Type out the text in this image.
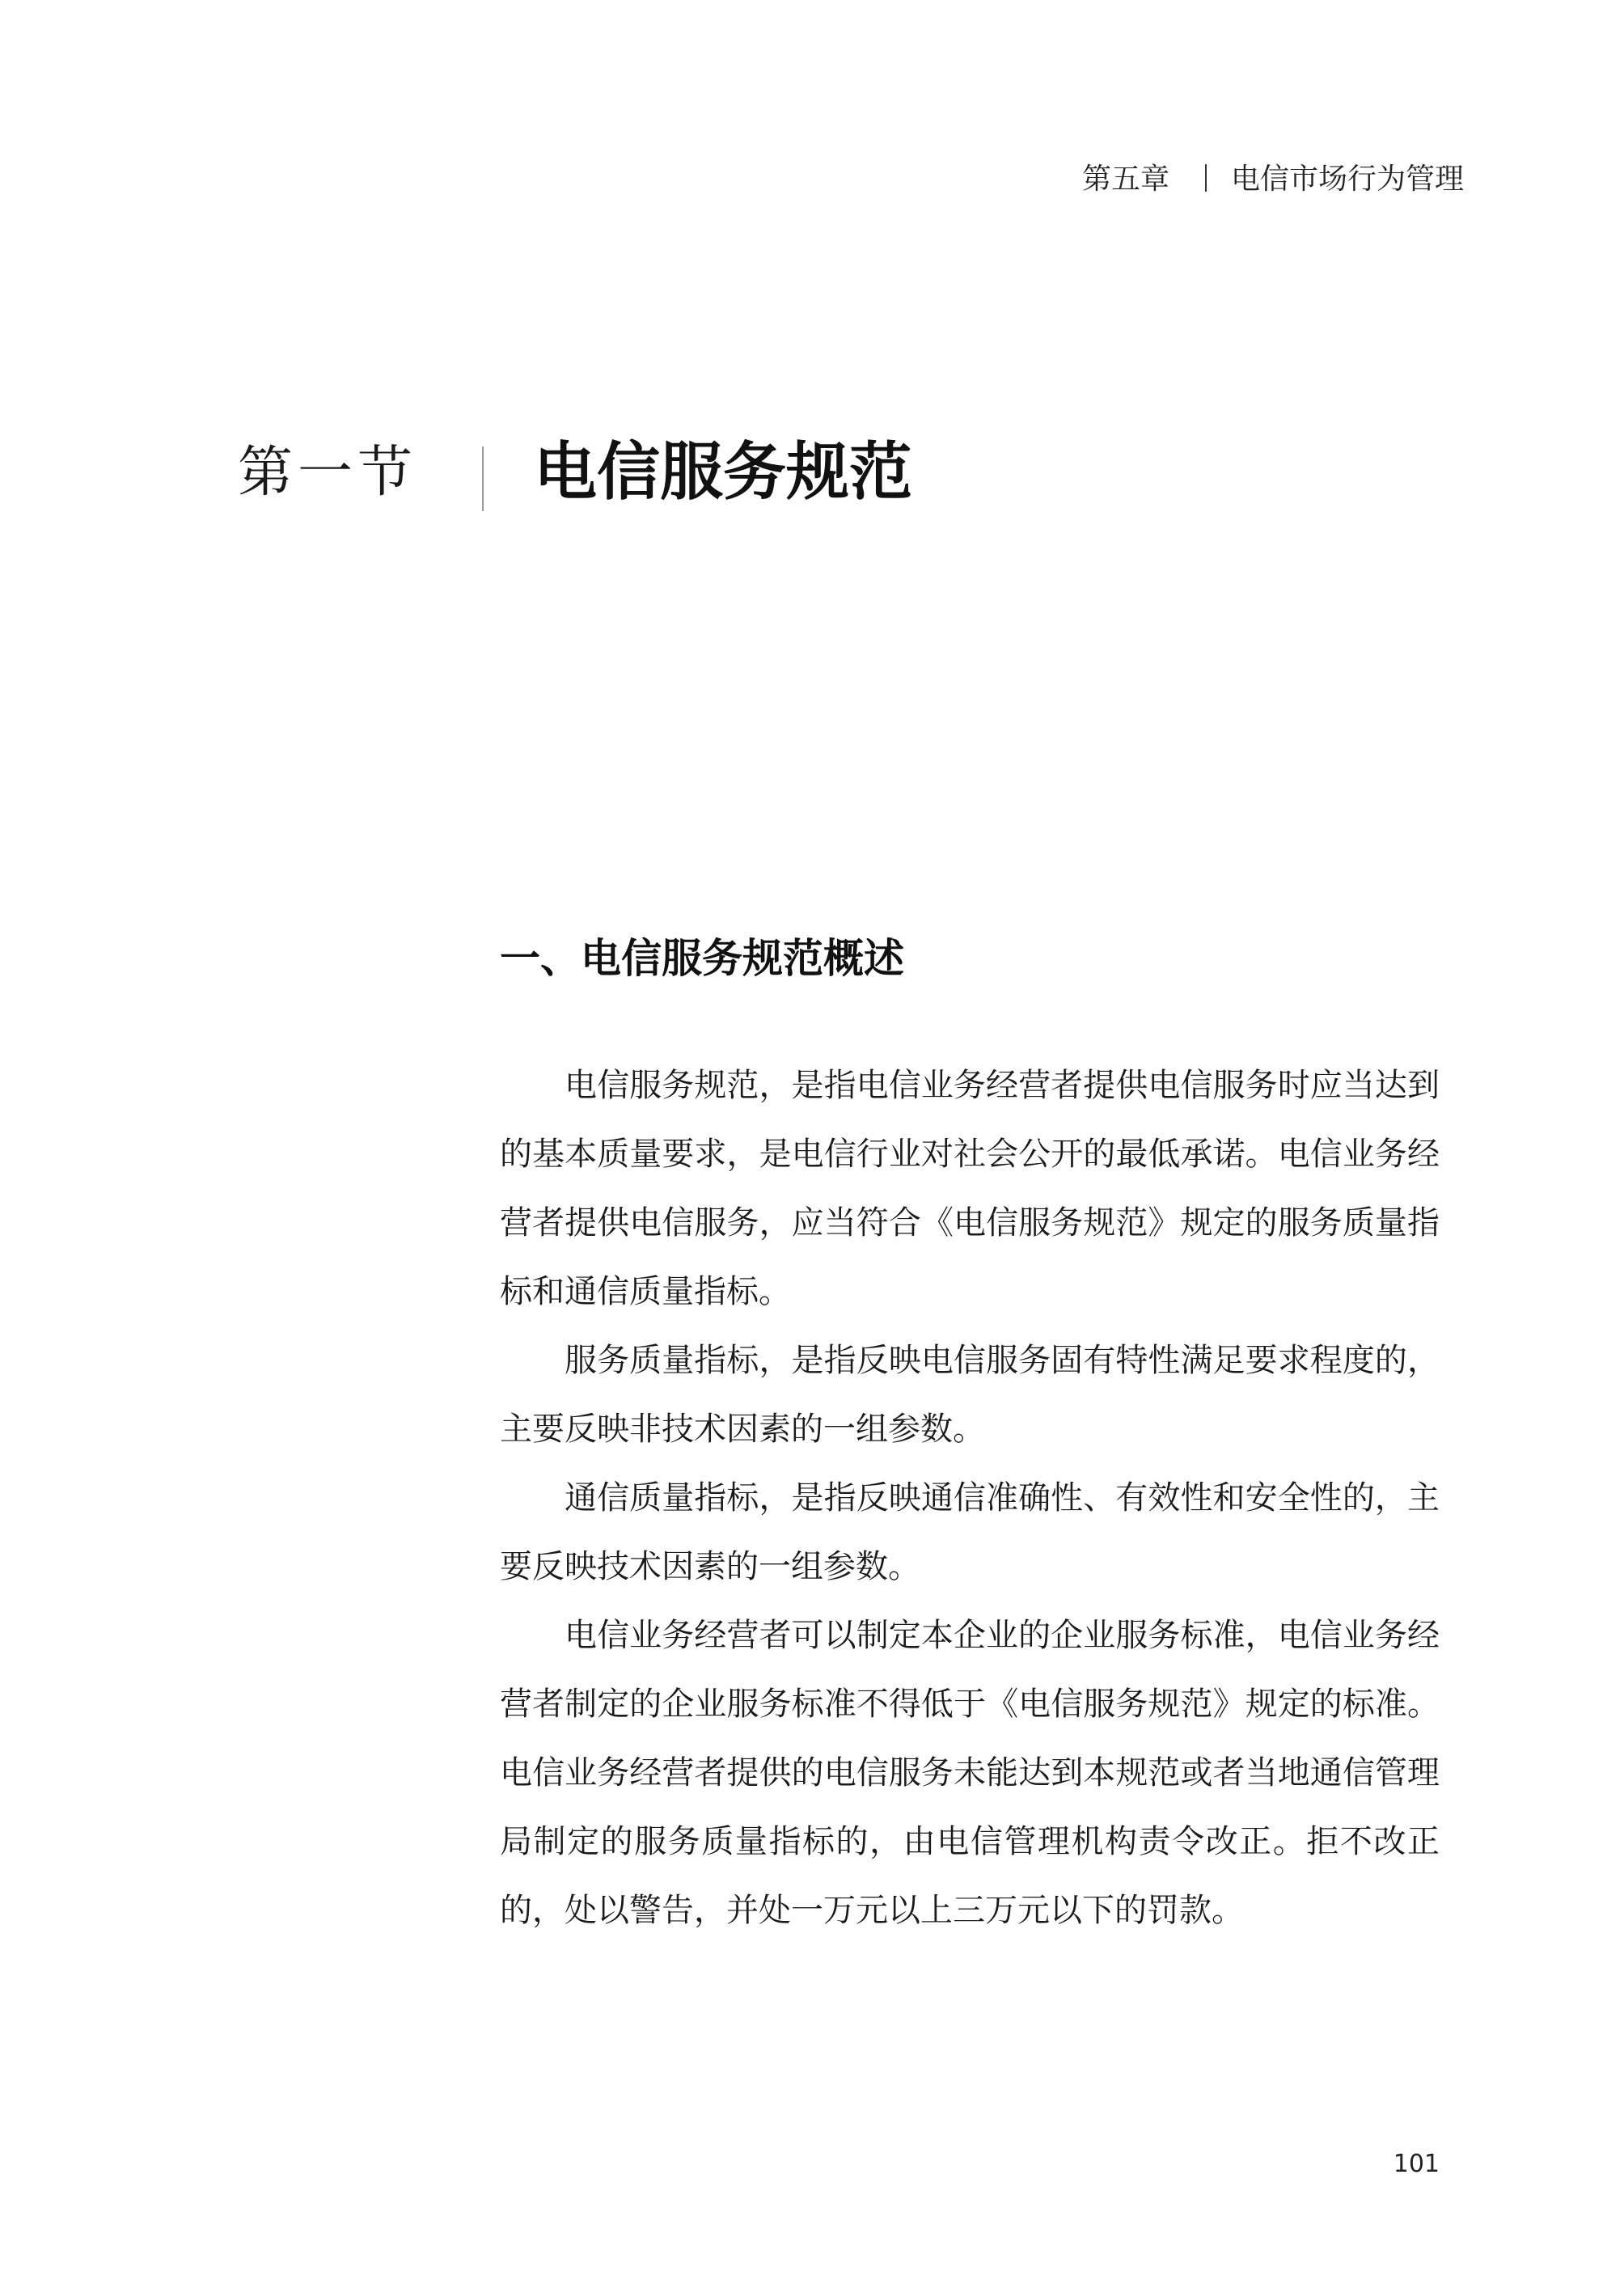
第五章 电信市场行为管理
第一节 电信服务规范
一、电信服务规范概述

电信服务规范，是指电信业务经营者提供电信服务时应当达到的基本质量要求，是电信行业对社会公开的最低承诺。电信业务经营者提供电信服务，应当符合《电信服务规范》规定的服务质量指标和通信质量指标。

服务质量指标，是指反映电信服务固有特性满足要求程度的，主要反映非技术因素的一组参数。

通信质量指标，是指反映通信准确性、有效性和安全性的，主要反映技术因素的一组参数。

电信业务经营者可以制定本企业的企业服务标准，电信业务经营者制定的企业服务标准不得低于《电信服务规范》规定的标准。电信业务经营者提供的电信服务未能达到本规范或者当地通信管理局制定的服务质量指标的，由电信管理机构责令改正。拒不改正的，处以警告，并处一万元以上三万元以下的罚款。

101
